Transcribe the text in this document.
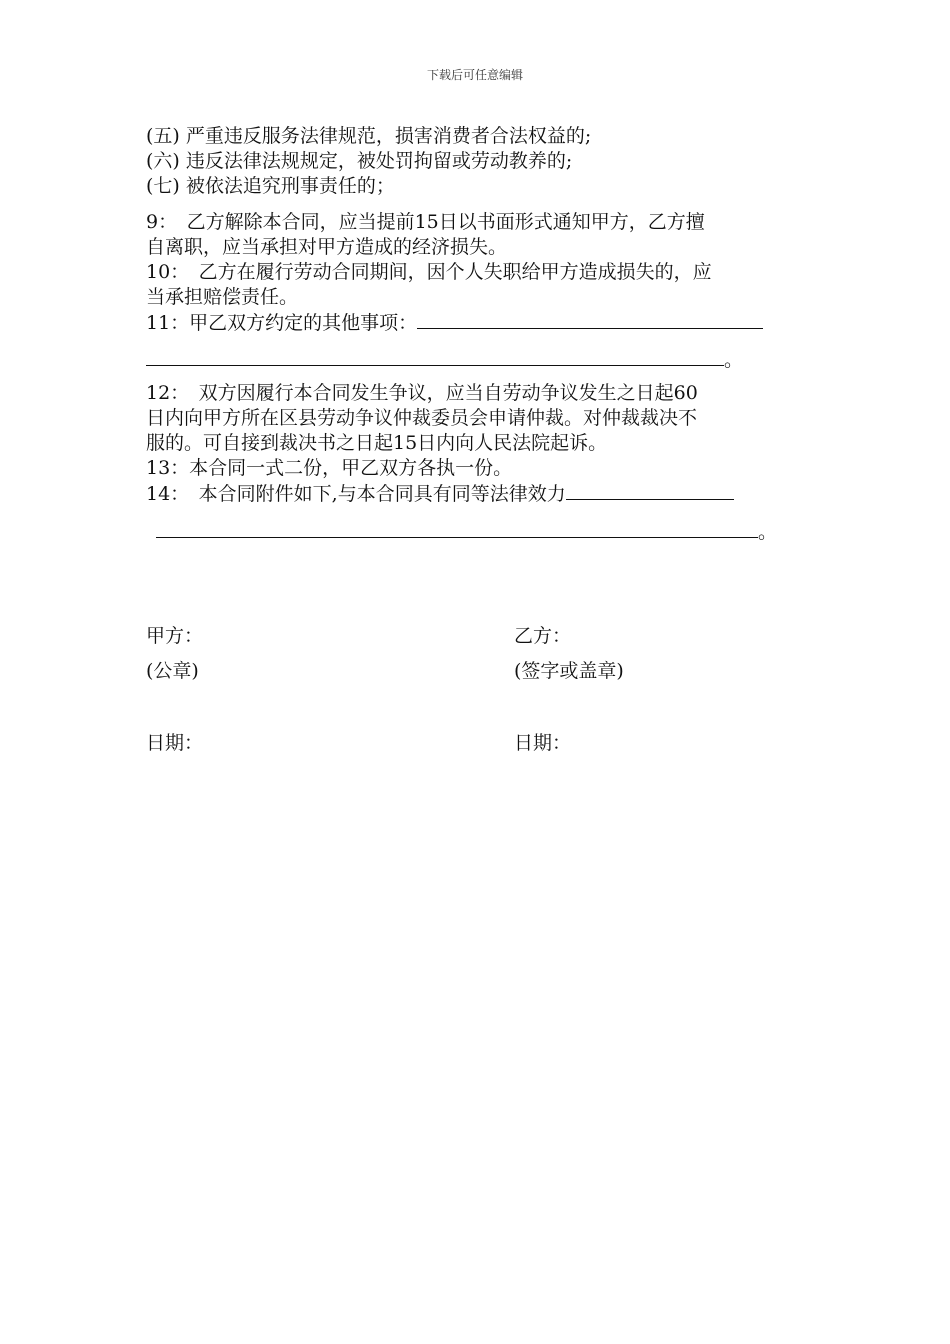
下载后可任意编辑
(五) 严重违反服务法律规范，损害消费者合法权益的;
(六) 违反法律法规规定，被处罚拘留或劳动教养的;
(七) 被依法追究刑事责任的；
9：　乙方解除本合同，应当提前15日以书面形式通知甲方，乙方擅
自离职，应当承担对甲方造成的经济损失。
10：　乙方在履行劳动合同期间，因个人失职给甲方造成损失的，应
当承担赔偿责任。
11：甲乙双方约定的其他事项：
。
12：　双方因履行本合同发生争议，应当自劳动争议发生之日起60
日内向甲方所在区县劳动争议仲裁委员会申请仲裁。对仲裁裁决不
服的。可自接到裁决书之日起15日内向人民法院起诉。
13：本合同一式二份，甲乙双方各执一份。
14：　本合同附件如下,与本合同具有同等法律效力
。
甲方：
(公章)
日期：
乙方：
(签字或盖章)
日期：
